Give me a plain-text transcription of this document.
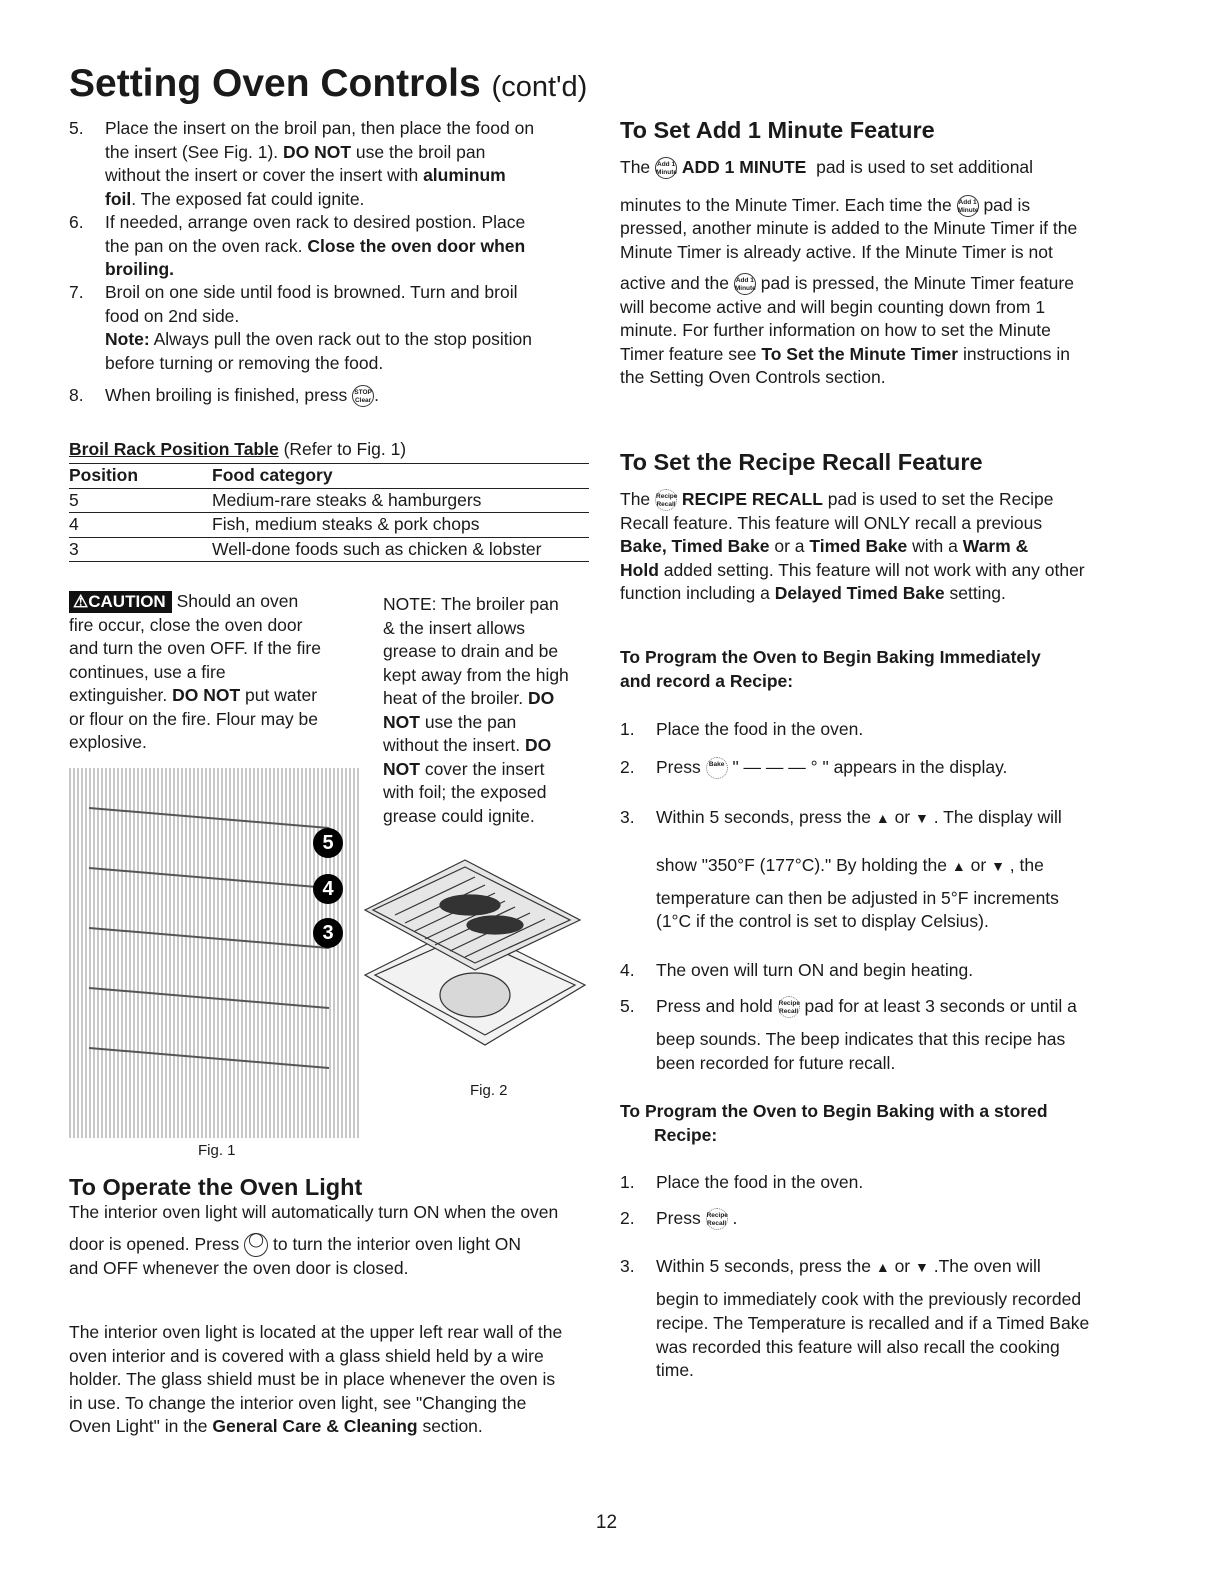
Setting Oven Controls (cont'd)
5. Place the insert on the broil pan, then place the food on
the insert (See Fig. 1). DO NOT use the broil pan
without the insert or cover the insert with aluminum
foil. The exposed fat could ignite.
6. If needed, arrange oven rack to desired postion. Place
the pan on the oven rack. Close the oven door when
broiling.
7. Broil on one side until food is browned. Turn and broil
food on 2nd side.
Note: Always pull the oven rack out to the stop position
before turning or removing the food.
8. When broiling is finished, press STOP
Clear .
Broil Rack Position Table (Refer to Fig. 1)
Position	Food category
5	Medium-rare steaks & hamburgers
4	Fish, medium steaks & pork chops
3	Well-done foods such as chicken & lobster
⚠CAUTION Should an oven
fire occur, close the oven door
and turn the oven OFF. If the fire
continues, use a fire
extinguisher. DO NOT put water
or flour on the fire. Flour may be
explosive.
NOTE: The broiler pan
& the insert allows
grease to drain and be
kept away from the high
heat of the broiler. DO
NOT use the pan
without the insert. DO
NOT cover the insert
with foil; the exposed
grease could ignite.
5
4
3
Fig. 1
Fig. 2
To Operate the Oven Light
The interior oven light will automatically turn ON when the oven
door is opened. Press ◯ to turn the interior oven light ON
and OFF whenever the oven door is closed.
The interior oven light is located at the upper left rear wall of the
oven interior and is covered with a glass shield held by a wire
holder. The glass shield must be in place whenever the oven is
in use. To change the interior oven light, see "Changing the
Oven Light" in the General Care & Cleaning section.
To Set Add 1 Minute Feature
The Add 1
Minute ADD 1 MINUTE pad is used to set additional
minutes to the Minute Timer. Each time the Add 1
Minute pad is
pressed, another minute is added to the Minute Timer if the
Minute Timer is already active. If the Minute Timer is not
active and the Add 1
Minute pad is pressed, the Minute Timer feature
will become active and will begin counting down from 1
minute. For further information on how to set the Minute
Timer feature see To Set the Minute Timer instructions in
the Setting Oven Controls section.
To Set the Recipe Recall Feature
The Recipe
Recall RECIPE RECALL pad is used to set the Recipe
Recall feature. This feature will ONLY recall a previous
Bake, Timed Bake or a Timed Bake with a Warm &
Hold added setting. This feature will not work with any other
function including a Delayed Timed Bake setting.
To Program the Oven to Begin Baking Immediately
and record a Recipe:
1. Place the food in the oven.
2. Press Bake " — — — ° " appears in the display.
3. Within 5 seconds, press the ▲ or ▼ . The display will
show "350°F (177°C)." By holding the ▲ or ▼ , the
temperature can then be adjusted in 5°F increments
(1°C if the control is set to display Celsius).
4. The oven will turn ON and begin heating.
5. Press and hold Recipe
Recall pad for at least 3 seconds or until a
beep sounds. The beep indicates that this recipe has
been recorded for future recall.
To Program the Oven to Begin Baking with a stored
Recipe:
1. Place the food in the oven.
2. Press Recipe
Recall .
3. Within 5 seconds, press the ▲ or ▼ .The oven will
begin to immediately cook with the previously recorded
recipe. The Temperature is recalled and if a Timed Bake
was recorded this feature will also recall the cooking
time.
12
